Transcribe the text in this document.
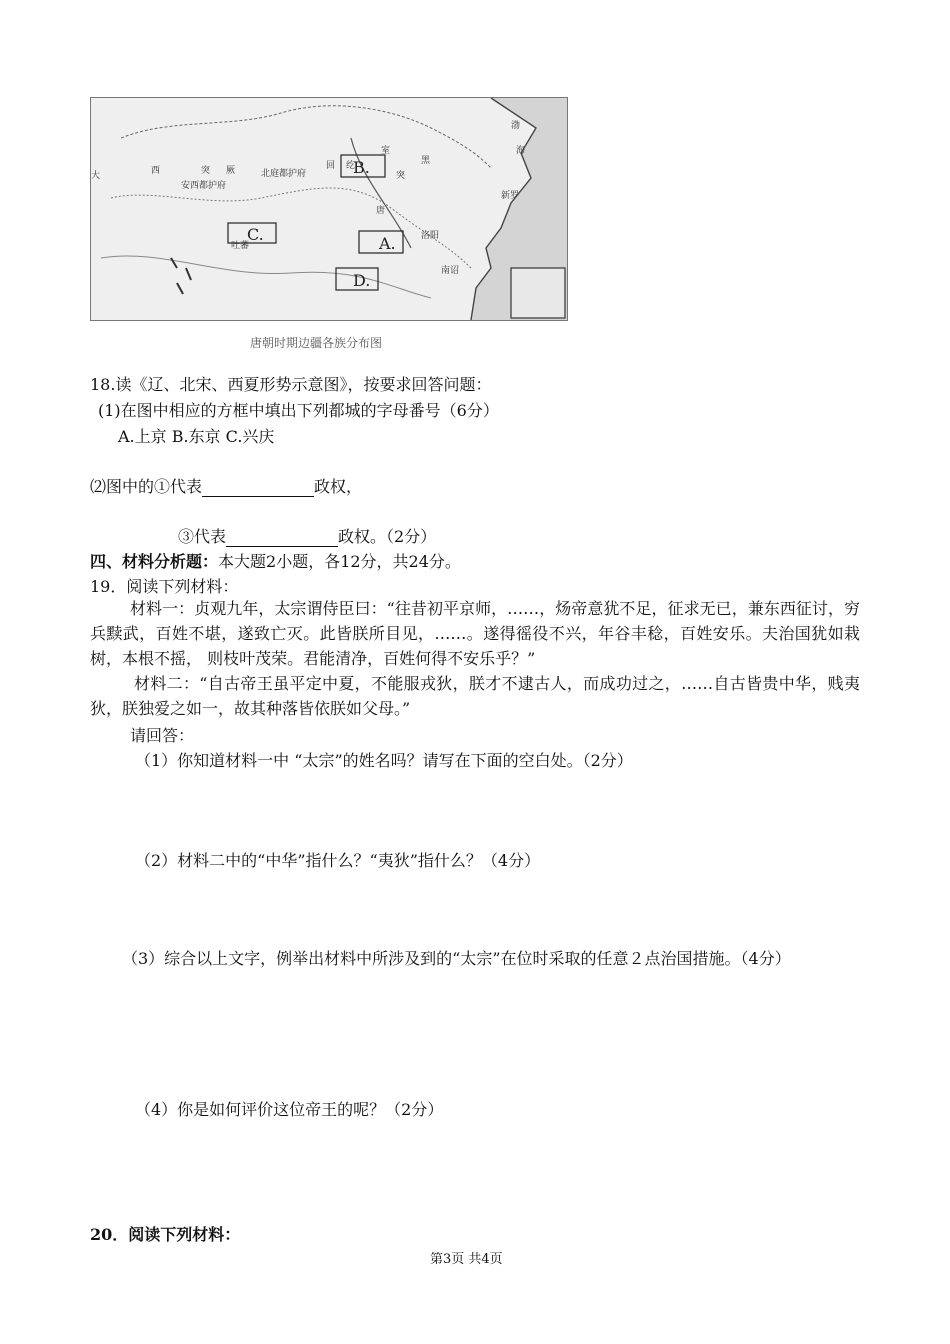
西	突 厥	北庭都护府
回 纥
室
突
黑
唐
吐蕃
洛阳
南诏
大
安西都护府
渤
海
新罗
B.
C.	A.
D.
唐朝时期边疆各族分布图
18.读《辽、北宋、西夏形势示意图》，按要求回答问题：
(1)在图中相应的方框中填出下列都城的字母番号（6分）
A.上京 B.东京 C.兴庆
⑵图中的①代表	政权，
③代表	政权。（2分）
四、材料分析题：本大题2小题，各12分，共24分。
19．阅读下列材料：
材料一：贞观九年，太宗谓侍臣曰：“往昔初平京师，……，炀帝意犹不足，征求无已，兼东西征讨，穷兵黩武，百姓不堪，遂致亡灭。此皆朕所目见，……。遂得徭役不兴，年谷丰稔，百姓安乐。夫治国犹如栽树，本根不摇， 则枝叶茂荣。君能清净，百姓何得不安乐乎？”
材料二：“自古帝王虽平定中夏，不能服戎狄，朕才不逮古人，而成功过之，……自古皆贵中华，贱夷狄，朕独爱之如一，故其种落皆依朕如父母。”
请回答：
（1）你知道材料一中 “太宗”的姓名吗？请写在下面的空白处。（2分）
（2）材料二中的“中华”指什么？“夷狄”指什么？（4分）
（3）综合以上文字，例举出材料中所涉及到的“太宗”在位时采取的任意２点治国措施。（4分）
（4）你是如何评价这位帝王的呢？（2分）
20．阅读下列材料：
第3页 共4页
